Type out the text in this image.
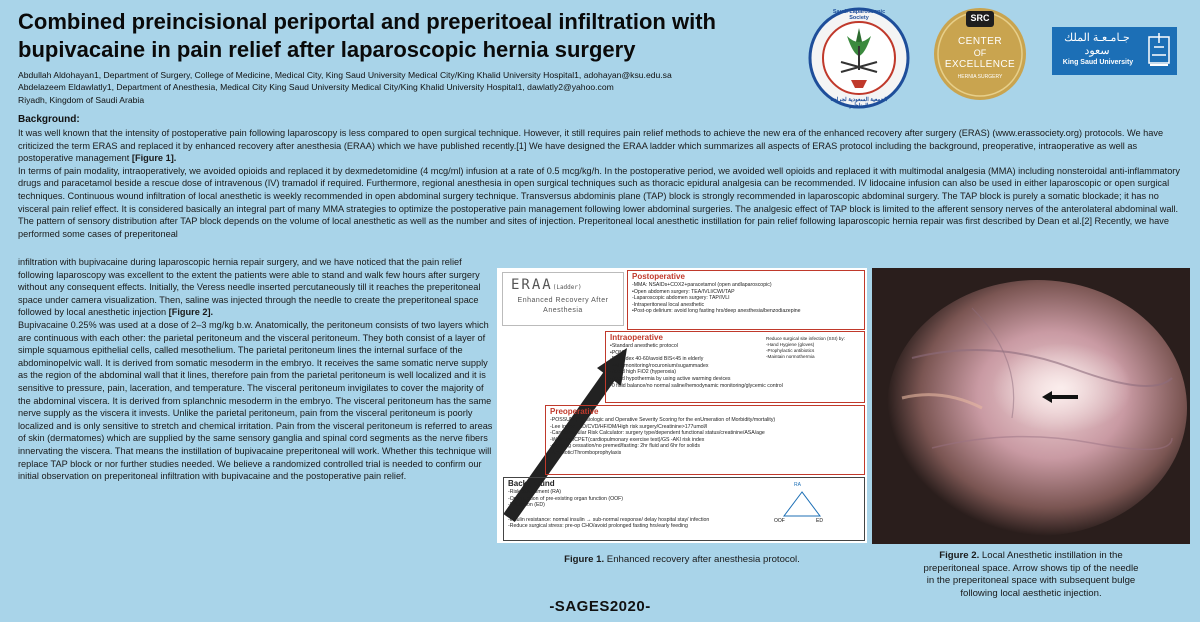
Combined preincisional periportal and preperitoeal infiltration with
bupivacaine in pain relief after laparoscopic hernia surgery
Abdullah Aldohayan1, Department of Surgery, College of Medicine, Medical City, King Saud University Medical City/King Khalid University Hospital1, adohayan@ksu.edu.sa
Abdelazeem Eldawlatly1, Department of Anesthesia, Medical City King Saud University Medical City/King Khalid University Hospital1, dawlatly2@yahoo.com
Riyadh, Kingdom of Saudi Arabia
Saudi Laparoscopic Society
الجمعية السعودية لجراحة المناظير
SRC
CENTER
OF
EXCELLENCE
HERNIA SURGERY
جـامـعـة الملك سعود
King Saud University
Background:

It was well known that the intensity of postoperative pain following laparoscopy is less compared to open surgical technique. However, it still requires pain relief methods to achieve the new era of the enhanced recovery after surgery (ERAS) (www.erassociety.org) protocols. We have criticized the term ERAS and replaced it by enhanced recovery after anesthesia (ERAA) which we have published recently.[1] We have designed the ERAA ladder which summarizes all aspects of ERAS protocol including the background, preoperative, intraoperative as well as postoperative management [Figure 1].

In terms of pain modality, intraoperatively, we avoided opioids and replaced it by dexmedetomidine (4 mcg/ml) infusion at a rate of 0.5 mcg/kg/h. In the postoperative period, we avoided well opioids and replaced it with multimodal analgesia (MMA) including nonsteroidal anti-inflammatory drugs and paracetamol beside a rescue dose of intravenous (IV) tramadol if required. Furthermore, regional anesthesia in open surgical techniques such as thoracic epidural analgesia can be recommended. IV lidocaine infusion can also be used in either laparoscopic or open surgical techniques. Continuous wound infiltration of local anesthetic is weekly recommended in open abdominal surgery technique. Transversus abdominis plane (TAP) block is strongly recommended in laparoscopic abdominal surgery. The TAP block is purely a somatic blockade; it has no visceral pain relief effect. It is considered basically an integral part of many MMA strategies to optimize the postoperative pain management following lower abdominal surgeries. The analgesic effect of TAP block is limited to the afferent sensory nerves of the anterolateral abdominal wall. The pattern of sensory distribution after TAP block depends on the volume of local anesthetic as well as the number and sites of injection. Preperitoneal local anesthetic instillation for pain relief following laparoscopic hernia repair was first described by Dean et al.[2] Recently, we have performed some cases of preperitoneal

infiltration with bupivacaine during laparoscopic hernia repair surgery, and we have noticed that the pain relief following laparoscopy was excellent to the extent the patients were able to stand and walk few hours after surgery without any consequent effects. Initially, the Veress needle inserted percutaneously till it reaches the preperitoneal space under camera visualization. Then, saline was injected through the needle to create the preperitoneal space followed by local anesthetic injection [Figure 2].

Bupivacaine 0.25% was used at a dose of 2–3 mg/kg b.w. Anatomically, the peritoneum consists of two layers which are continuous with each other: the parietal peritoneum and the visceral peritoneum. They both consist of a layer of simple squamous epithelial cells, called mesothelium. The parietal peritoneum lines the internal surface of the abdominopelvic wall. It is derived from somatic mesoderm in the embryo. It receives the same somatic nerve supply as the region of the abdominal wall that it lines, therefore pain from the parietal peritoneum is well localized and it is sensitive to pressure, pain, laceration, and temperature. The visceral peritoneum invigilates to cover the majority of the abdominal viscera. It is derived from splanchnic mesoderm in the embryo. The visceral peritoneum has the same nerve supply as the viscera it invests. Unlike the parietal peritoneum, pain from the visceral peritoneum is poorly localized and is only sensitive to stretch and chemical irritation. Pain from the visceral peritoneum is referred to areas of skin (dermatomes) which are supplied by the same sensory ganglia and spinal cord segments as the nerve fibers innervating the viscera. That means the instillation of bupivacaine preperitoneal will work. Whether this technique will replace TAP block or nor further studies needed. We believe a randomized controlled trial is needed to confirm our initial observation on preperitoneal infiltration with bupivacaine and the postoperative pain relief.

ERAA(Ladder)
Enhanced Recovery After
Anesthesia
ERAA (Ladder)
Postoperative
-MMA: NSAIDs+COX2+paracetamol (open andlaparoscopic)
•Open abdomen surgery: TEA/IVLI/CWI/TAP
-Laparoscopic abdomen surgery: TAP/IVLI
-Intraperitoneal local anesthetic
•Post-op delirium: avoid long fasting hrs/deep anesthesia/benzodiazepine
Intraoperative
•Standard anesthetic protocol
•PONV
-BIS index 40-60/avoid BIS<45 in elderly
-NMT monitoring/rocuronium/sugammadex
•Avoid high FiO2 (hyperoxia)
•Avoid hypothermia by using active warming devices
•0 fluid balance/no normal saline/hemodynamic monitoring/glycemic control
Reduce surgical site infection (SSI) by:
-Hand Hygiene (gloves)
-Prophylactic antibiotics
-Maintain normothermia
Preoperative
-POSSUM (Physiologic and Operative Severity Scoring for the enUmeration of Morbidity/mortality)
-Lee index: IHD/CVD/HF/DM/High risk surgery/Creatinine>177umol/l
-Cardiovascular Risk Calculator: surgery type/dependent functional status/creatinine/ASA/age
-Walk test/CPET(cardiopulmonary exercise test)/GS -AKI risk index
-smoking cessation/no premed/fasting: 2hr fluid and 6hr for solids
-Antibiotic/Thromboprophylaxis
Background
-Risk assessment (RA)
-Optimization of pre-existing organ function (OOF)
-Education (ED)
-Insulin resistance: normal insulin → sub-normal response/ delay hospital stay/ infection
-Reduce surgical stress: pre-op CHO/avoid prolonged fasting hrs/early feeding
RA
OOF	ED
Figure 1. Enhanced recovery after anesthesia protocol.	Figure 2. Local Anesthetic instillation in the
preperitoneal space. Arrow shows tip of the needle
in the preperitoneal space with subsequent bulge
following local aesthetic injection.
-SAGES2020-
